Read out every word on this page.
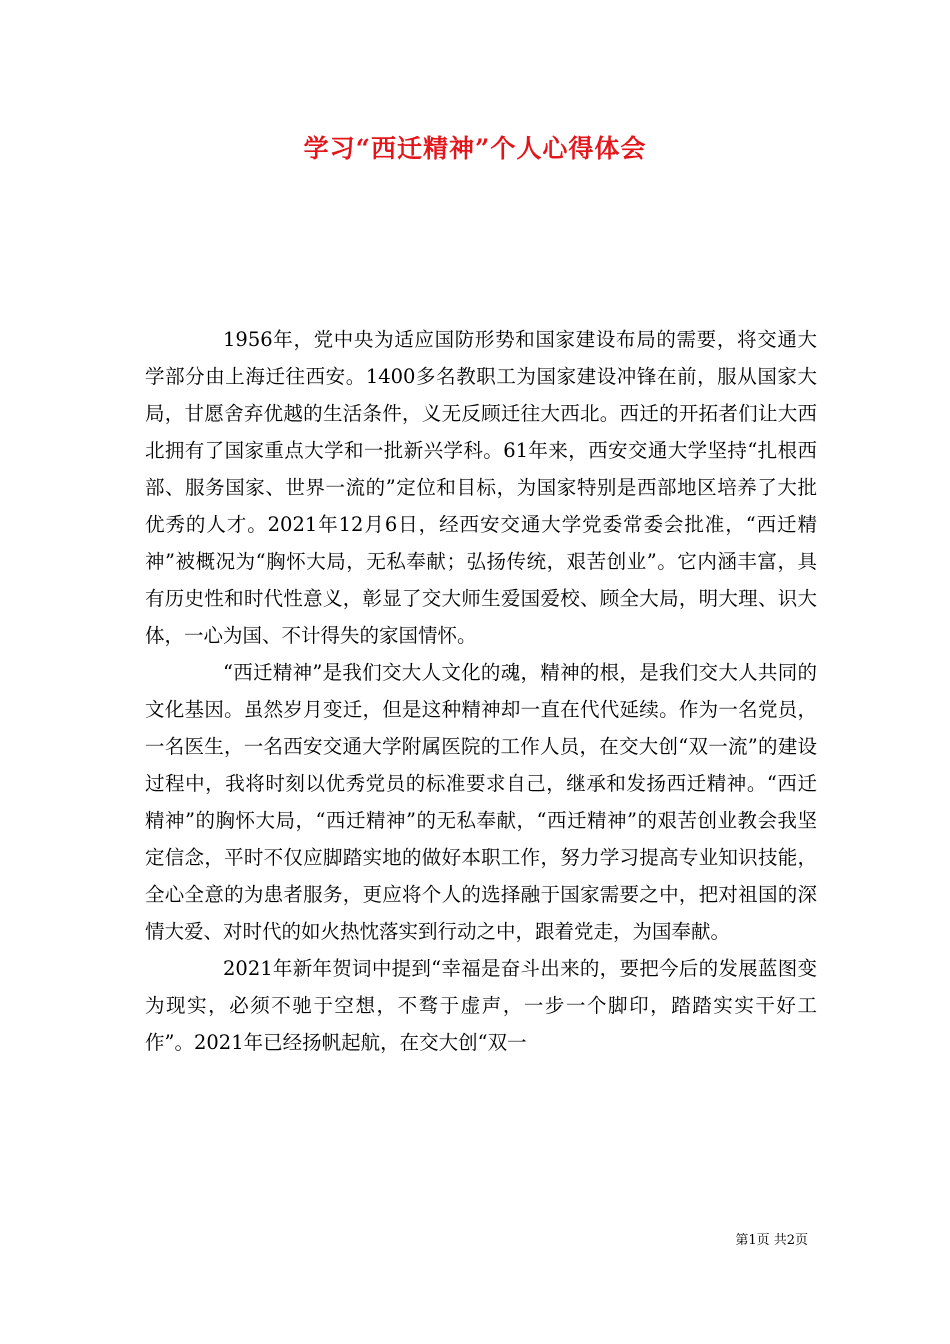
学习“西迁精神”个人心得体会

1956年，党中央为适应国防形势和国家建设布局的需要，将交通大学部分由上海迁往西安。1400多名教职工为国家建设冲锋在前，服从国家大局，甘愿舍弃优越的生活条件，义无反顾迁往大西北。西迁的开拓者们让大西北拥有了国家重点大学和一批新兴学科。61年来，西安交通大学坚持“扎根西部、服务国家、世界一流的”定位和目标，为国家特别是西部地区培养了大批优秀的人才。2021年12月6日，经西安交通大学党委常委会批准，“西迁精神”被概况为“胸怀大局，无私奉献；弘扬传统，艰苦创业”。它内涵丰富，具有历史性和时代性意义，彰显了交大师生爱国爱校、顾全大局，明大理、识大体，一心为国、不计得失的家国情怀。

“西迁精神”是我们交大人文化的魂，精神的根，是我们交大人共同的文化基因。虽然岁月变迁，但是这种精神却一直在代代延续。作为一名党员，一名医生，一名西安交通大学附属医院的工作人员，在交大创“双一流”的建设过程中，我将时刻以优秀党员的标准要求自己，继承和发扬西迁精神。“西迁精神”的胸怀大局，“西迁精神”的无私奉献，“西迁精神”的艰苦创业教会我坚定信念，平时不仅应脚踏实地的做好本职工作，努力学习提高专业知识技能，全心全意的为患者服务，更应将个人的选择融于国家需要之中，把对祖国的深情大爱、对时代的如火热忱落实到行动之中，跟着党走，为国奉献。

2021年新年贺词中提到“幸福是奋斗出来的，要把今后的发展蓝图变为现实，必须不驰于空想，不骛于虚声，一步一个脚印，踏踏实实干好工作”。2021年已经扬帆起航，在交大创“双一

第1页 共2页
